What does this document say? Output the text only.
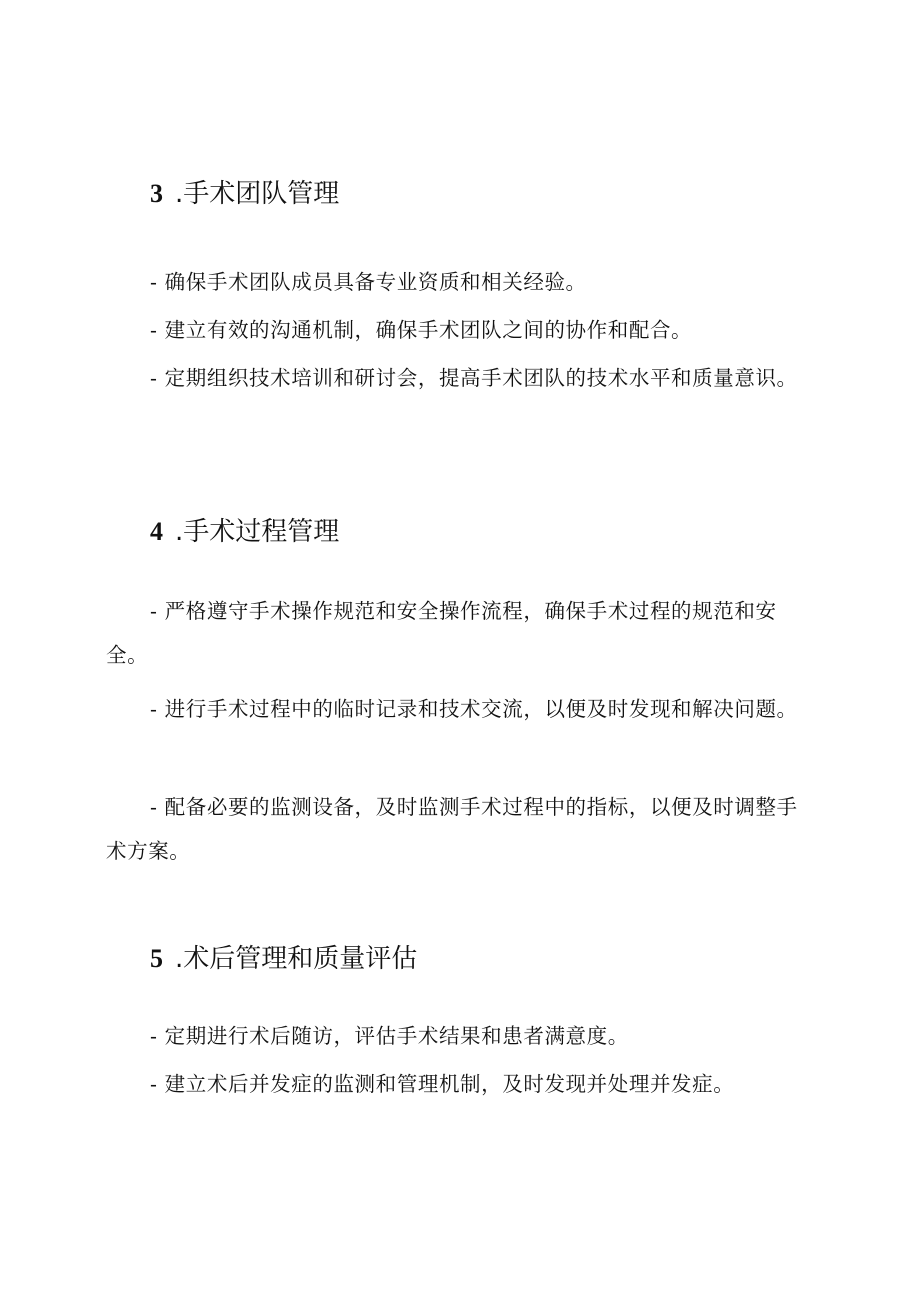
3 .手术团队管理

- 确保手术团队成员具备专业资质和相关经验。

- 建立有效的沟通机制，确保手术团队之间的协作和配合。

- 定期组织技术培训和研讨会，提高手术团队的技术水平和质量意识。

4 .手术过程管理

- 严格遵守手术操作规范和安全操作流程，确保手术过程的规范和安全。

- 进行手术过程中的临时记录和技术交流，以便及时发现和解决问题。

- 配备必要的监测设备，及时监测手术过程中的指标，以便及时调整手术方案。

5 .术后管理和质量评估

- 定期进行术后随访，评估手术结果和患者满意度。

- 建立术后并发症的监测和管理机制，及时发现并处理并发症。
